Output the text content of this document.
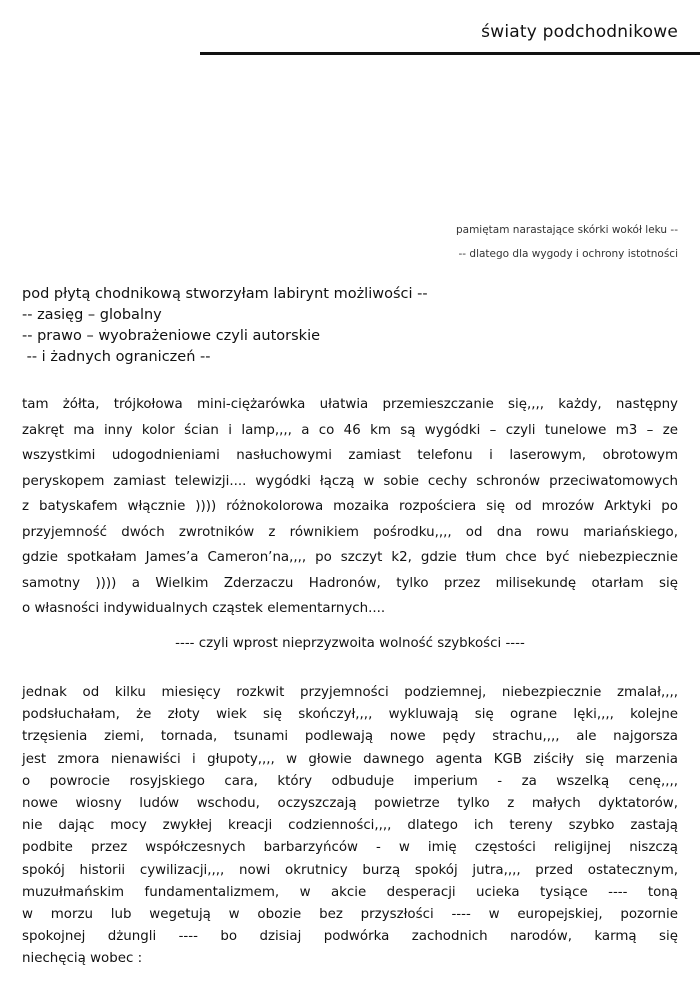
światy podchodnikowe
pamiętam narastające skórki wokół leku --
-- dlatego dla wygody i ochrony istotności
pod płytą chodnikową stworzyłam labirynt możliwości --
-- zasięg – globalny
-- prawo – wyobrażeniowe czyli autorskie
-- i żadnych ograniczeń --
tam żółta, trójkołowa mini-ciężarówka ułatwia przemieszczanie się,,,, każdy, następny
zakręt ma inny kolor ścian i lamp,,,, a co 46 km są wygódki – czyli tunelowe m3 – ze
wszystkimi udogodnieniami nasłuchowymi zamiast telefonu i laserowym, obrotowym
peryskopem zamiast telewizji.... wygódki łączą w sobie cechy schronów przeciwatomowych
z batyskafem włącznie )))) różnokolorowa mozaika rozpościera się od mrozów Arktyki po
przyjemność dwóch zwrotników z równikiem pośrodku,,,, od dna rowu mariańskiego,
gdzie spotkałam James’a Cameron’na,,,, po szczyt k2, gdzie tłum chce być niebezpiecznie
samotny )))) a Wielkim Zderzaczu Hadronów, tylko przez milisekundę otarłam się
o własności indywidualnych cząstek elementarnych....
---- czyli wprost nieprzyzwoita wolność szybkości ----
jednak od kilku miesięcy rozkwit przyjemności podziemnej, niebezpiecznie zmalał,,,,
podsłuchałam, że złoty wiek się skończył,,,, wykluwają się ograne lęki,,,, kolejne
trzęsienia ziemi, tornada, tsunami podlewają nowe pędy strachu,,,, ale najgorsza
jest zmora nienawiści i głupoty,,,, w głowie dawnego agenta KGB ziściły się marzenia
o powrocie rosyjskiego cara, który odbuduje imperium - za wszelką cenę,,,,
nowe wiosny ludów wschodu, oczyszczają powietrze tylko z małych dyktatorów,
nie dając mocy zwykłej kreacji codzienności,,,, dlatego ich tereny szybko zastają
podbite przez współczesnych barbarzyńców - w imię częstości religijnej niszczą
spokój historii cywilizacji,,,, nowi okrutnicy burzą spokój jutra,,,, przed ostatecznym,
muzułmańskim fundamentalizmem, w akcie desperacji ucieka tysiące ---- toną
w morzu lub wegetują w obozie bez przyszłości ---- w europejskiej, pozornie
spokojnej dżungli ---- bo dzisiaj podwórka zachodnich narodów, karmą się
niechęcią wobec :
